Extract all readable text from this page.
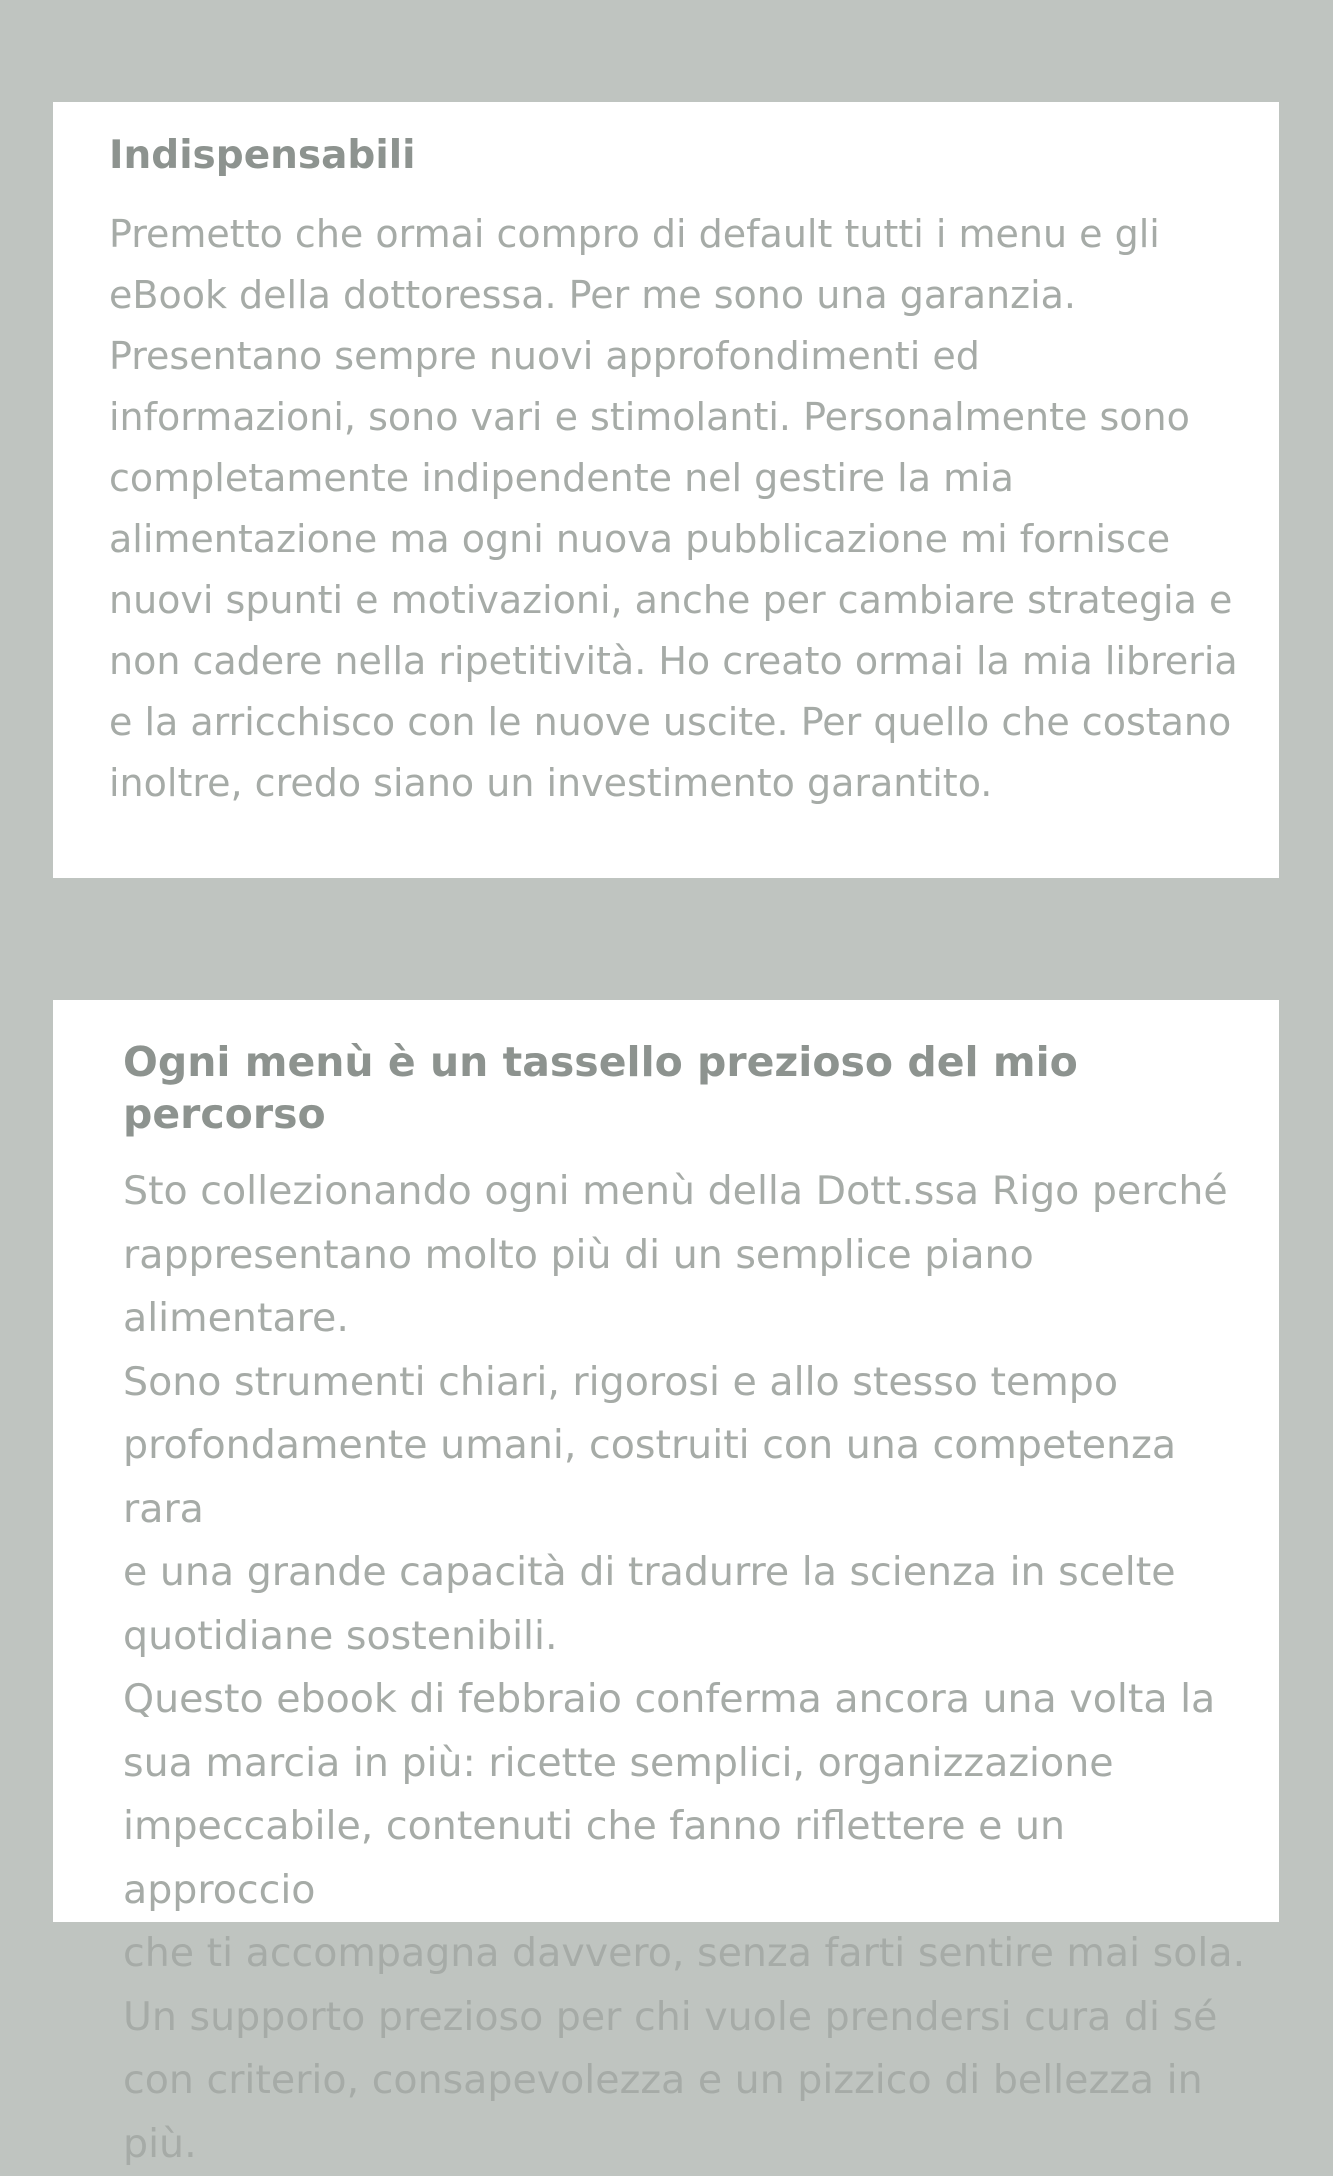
Indispensabili

Premetto che ormai compro di default tutti i menu e gli
eBook della dottoressa. Per me sono una garanzia.
Presentano sempre nuovi approfondimenti ed
informazioni, sono vari e stimolanti. Personalmente sono
completamente indipendente nel gestire la mia
alimentazione ma ogni nuova pubblicazione mi fornisce
nuovi spunti e motivazioni, anche per cambiare strategia e
non cadere nella ripetitività. Ho creato ormai la mia libreria
e la arricchisco con le nuove uscite. Per quello che costano
inoltre, credo siano un investimento garantito.

Ogni menù è un tassello prezioso del mio percorso

Sto collezionando ogni menù della Dott.ssa Rigo perché
rappresentano molto più di un semplice piano alimentare.
Sono strumenti chiari, rigorosi e allo stesso tempo
profondamente umani, costruiti con una competenza rara
e una grande capacità di tradurre la scienza in scelte
quotidiane sostenibili.

Questo ebook di febbraio conferma ancora una volta la
sua marcia in più: ricette semplici, organizzazione
impeccabile, contenuti che fanno riflettere e un approccio
che ti accompagna davvero, senza farti sentire mai sola.
Un supporto prezioso per chi vuole prendersi cura di sé
con criterio, consapevolezza e un pizzico di bellezza in più.
